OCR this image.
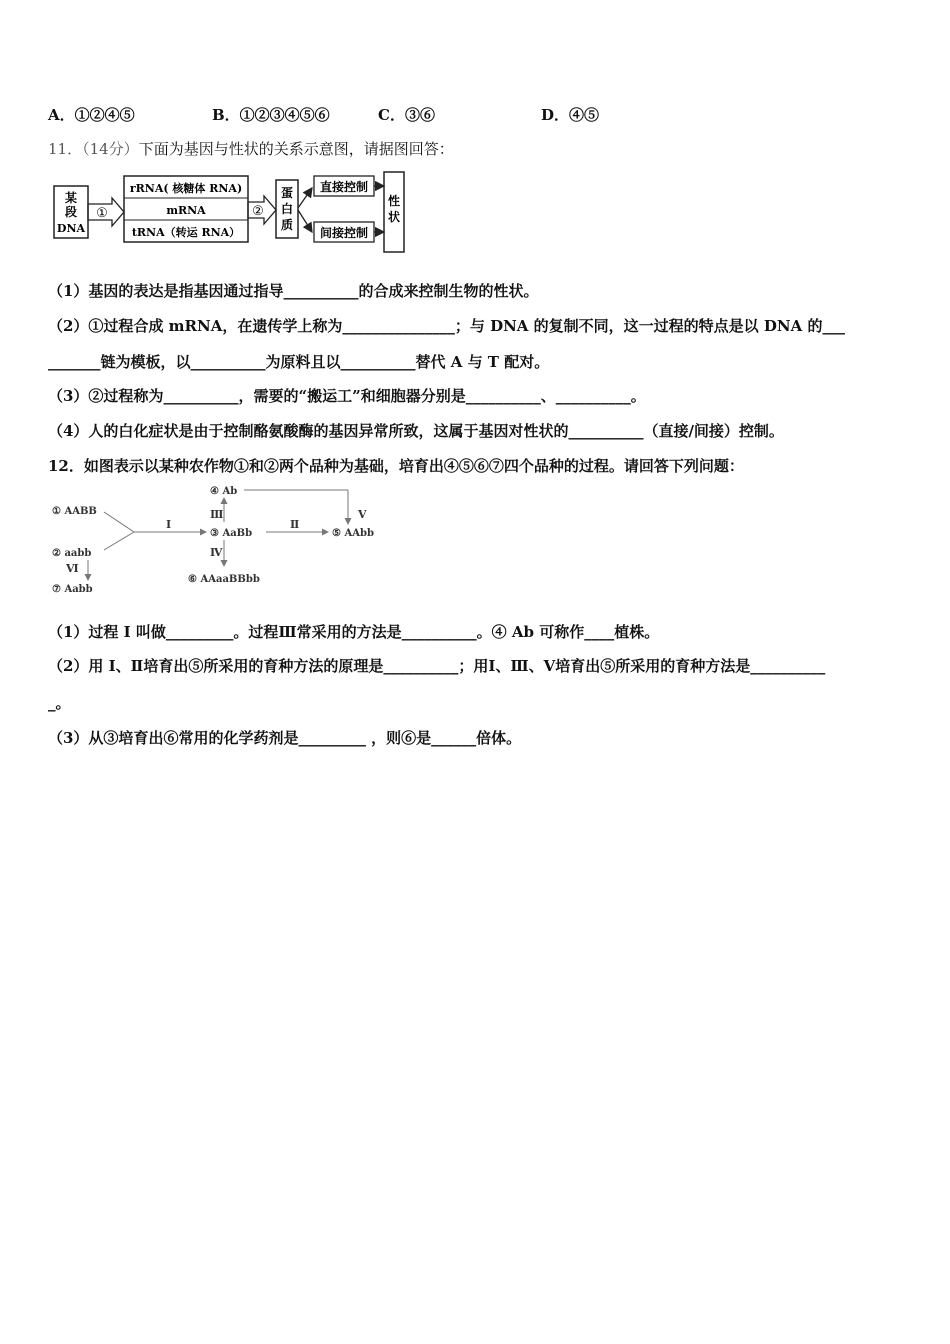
A．①②④⑤	B．①②③④⑤⑥	C．③⑥	D．④⑤
11．（14分）下面为基因与性状的关系示意图，请据图回答：
某
段
DNA
①
rRNA( 核糖体 RNA)
mRNA
tRNA（转运 RNA）
②
蛋
白
质
直接控制
间接控制
性
状
（1）基因的表达是指基因通过指导__________的合成来控制生物的性状。
（2）①过程合成 mRNA，在遗传学上称为_______________；与 DNA 的复制不同，这一过程的特点是以 DNA 的___
_______链为模板，以__________为原料且以__________替代 A 与 T 配对。
（3）②过程称为__________，需要的“搬运工”和细胞器分别是__________、__________。
（4）人的白化症状是由于控制酪氨酸酶的基因异常所致，这属于基因对性状的__________（直接/间接）控制。
12．如图表示以某种农作物①和②两个品种为基础，培育出④⑤⑥⑦四个品种的过程。请回答下列问题：
① AABB
② aabb
⑦ Aabb
④ Ab
③ AaBb	⑤ AAbb
⑥ AAaaBBbb
Ⅰ	Ⅱ
Ⅲ
Ⅳ
Ⅴ
Ⅵ
（1）过程 I 叫做_________。过程Ⅲ常采用的方法是__________。④ Ab 可称作____植株。
（2）用 I、Ⅱ培育出⑤所采用的育种方法的原理是__________；用Ⅰ、Ⅲ、Ⅴ培育出⑤所采用的育种方法是__________
_。
（3）从③培育出⑥常用的化学药剂是_________ ，则⑥是______倍体。
